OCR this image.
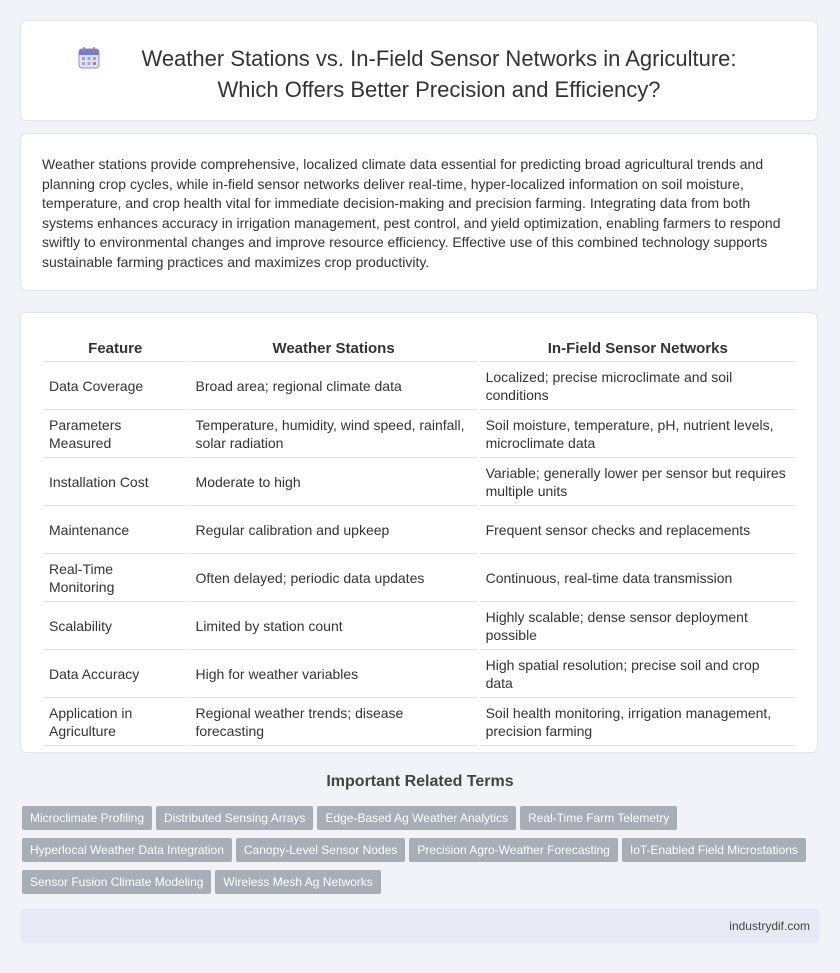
Weather Stations vs. In-Field Sensor Networks in Agriculture: Which Offers Better Precision and Efficiency?

Weather stations provide comprehensive, localized climate data essential for predicting broad agricultural trends and planning crop cycles, while in-field sensor networks deliver real-time, hyper-localized information on soil moisture, temperature, and crop health vital for immediate decision-making and precision farming. Integrating data from both systems enhances accuracy in irrigation management, pest control, and yield optimization, enabling farmers to respond swiftly to environmental changes and improve resource efficiency. Effective use of this combined technology supports sustainable farming practices and maximizes crop productivity.

Feature	Weather Stations	In-Field Sensor Networks
Data Coverage	Broad area; regional climate data	Localized; precise microclimate and soil conditions
Parameters Measured	Temperature, humidity, wind speed, rainfall, solar radiation	Soil moisture, temperature, pH, nutrient levels, microclimate data
Installation Cost	Moderate to high	Variable; generally lower per sensor but requires multiple units
Maintenance	Regular calibration and upkeep	Frequent sensor checks and replacements
Real-Time Monitoring	Often delayed; periodic data updates	Continuous, real-time data transmission
Scalability	Limited by station count	Highly scalable; dense sensor deployment possible
Data Accuracy	High for weather variables	High spatial resolution; precise soil and crop data
Application in Agriculture	Regional weather trends; disease forecasting	Soil health monitoring, irrigation management, precision farming
Important Related Terms
Microclimate Profiling Distributed Sensing Arrays Edge-Based Ag Weather Analytics Real-Time Farm Telemetry
Hyperlocal Weather Data Integration Canopy-Level Sensor Nodes Precision Agro-Weather Forecasting IoT-Enabled Field Microstations
Sensor Fusion Climate Modeling Wireless Mesh Ag Networks
industrydif.com
